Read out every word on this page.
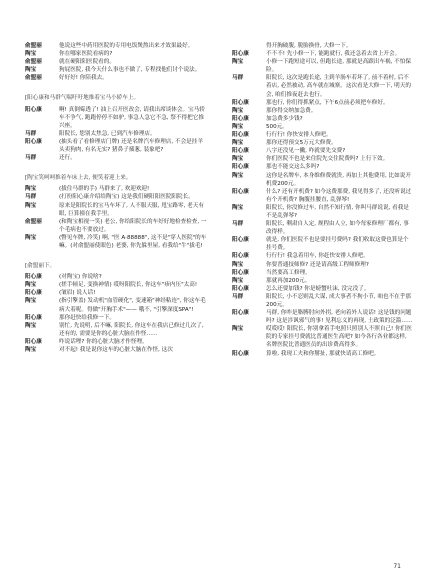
俞盟丽	他说这些中药用医院的专用电饭煲熬出来才效果最好。
陶宝	你在哪家医院看病的?
俞盟丽	就在硬阳阳医院看的。
陶宝	狗屁医院, 我今天什么事也不做了, 专程找他们讨个说法。
俞盟丽	好好好! 你陪我去。
[阳心康和马群气喘吁吁地推着宝马小轿车上。
阳心康	啊! 真倒霉透了! 油上召开医改会, 请我出席谈体会。宝马轿车不争气, 跑跑停停不如驴, 事急人急它不急, 祭不得把它推兴座。
马群	阳院长, 您别太焦急, 已到汽车修理店。
阳心康	(抽头看了看修理店门牌) 还是名牌汽车修理店, 不会是挂羊头卖狗肉, 有名无实? 猪鼻子插葱, 装象吧?
马群	还行。
[陶宝笑呵呵推着车床上去, 便笑着迎上来。
陶宝	(拔住马群的手) 马群来了, 欢迎欢迎!
马群	(打扮阳心康介绍给陶宝) 这是我们硬阳阳医院阳院长。
陶宝	原来是阳院长的宝马车坏了, 人不服天服, 甩宝路零, 老天有眼, 巨算撞在我手里。
俞盟丽	(和陶宝相视一笑) 老公, 你给阳院长的车好好地检查检查, 一个毛病也不要放过。
陶宝	(瞥见车牌, 冷笑) 啊, "医 A·88888", 这不是"穿人医院"的车嘛。(对俞盟丽使眼色) 老婆, 你先躲里屋, 看我给"牛"拔毛!
[俞盟丽下。
阳心康	(对陶宝) 你说啥?
陶宝	(搓手顿足, 变换神情) 哎呀阳院长, 你这车"疹内压"太高!
阳心康	(皱眉) 说人话!
陶宝	(指引擎盖) 发动机"血管硬化", 变速箱"神经粘连", 你这车毛病大着呢。得做"开胸手术"—— 哦不, "引擎深度SPA"!
阳心康	那你赶快给我修一下。
陶宝	别忙, 先说明, 后不嘛, 阳院长, 你这车在我店已修过几次了, 还有的, 需要是你的心脏大脑在作怪……
阳心康	咋说话哩? 你的心脏大脑才作怪哩。
陶宝	对不起! 我是说你这车的心脏大脑在作怪, 这次
得开胸破腹, 脱胎换骨, 大修一下。
阳心康	不不不! 先小修一下, 能跑就行, 我还急着去省上开会。
陶宝	小修一下跑短途可以, 但跑长途, 那就是高跟出车祸, 不怕保险。
马群	阳院长, 这次是跑长途, 主到羊肠车若坏了, 前不着村, 后不着店, 必然被动, 高车就在城寨。这次看是大修一下, 明天的会, 咱们推夜赶去也行。
阳心康	那也行, 你们得抓紧点, 下午6点前必须把车修好。
陶宝	那你得交纳加急费。
阳心康	加急费多少钱?
陶宝	500元。
阳心康	行行行! 你快安排人修吧。
陶宝	那你还得预交5万元大修费。
阳心康	八字还没见一撇, 咋就要先交费?
陶宝	你们医院不也是来住院先交住院费吗? 上行下效。
阳心康	那也不能交这么多吗?
陶宝	这你是名牌车, 本身维修费就贵, 再加上其他费用, 比如说开机费200元。
阳心康	什么? 还有开机费? 如今这费那费, 我见得多了, 还没听说过有个开机费? 胸腹挂腰直, 乱弹琴!
陶宝	阳院长, 你没修过车, 自然不知行情, 你叫马群说说, 看我是不是乱弹琴?
马群	阳院长, 剩肃自人定, 规程由人立, 如今每家修理厂都有, 事改得样。
阳心康	就是, 你们医院不也是要挂号费吗? 我们收取这费也算是个挂号费。
阳心康	行行行! 我急着用车, 你赶快安排人修吧。
陶宝	你要普通技师修? 还是请高级工程师修理?
阳心康	当然要高工修理。
陶宝	那就再加200元。
阳心康	怎么还要加钱? 你是螃蟹吐沫, 没完没了。
马群	阳院长, 小不忍则乱大谋, 成大事者不拘小节, 咱也不在乎那200元。
阳心康	马群, 你咋是胳膊肘向外拐, 老向着外人说话! 这是钱的问题吗? 这是涉讽邪气的事! 见利忘义的再现, 土政策的泛滥……
陶宝	哎哎哎! 阳院长, 你别拿着手电照只照别人不照自己! 你们医院的专家挂号费就比普通医生高吧? 如今各行各业都这样, 名牌医院比普通医员的出诊费高得多。
阳心康	算啦, 我现工夫和你掰扯, 那就快请高工修吧。
71
